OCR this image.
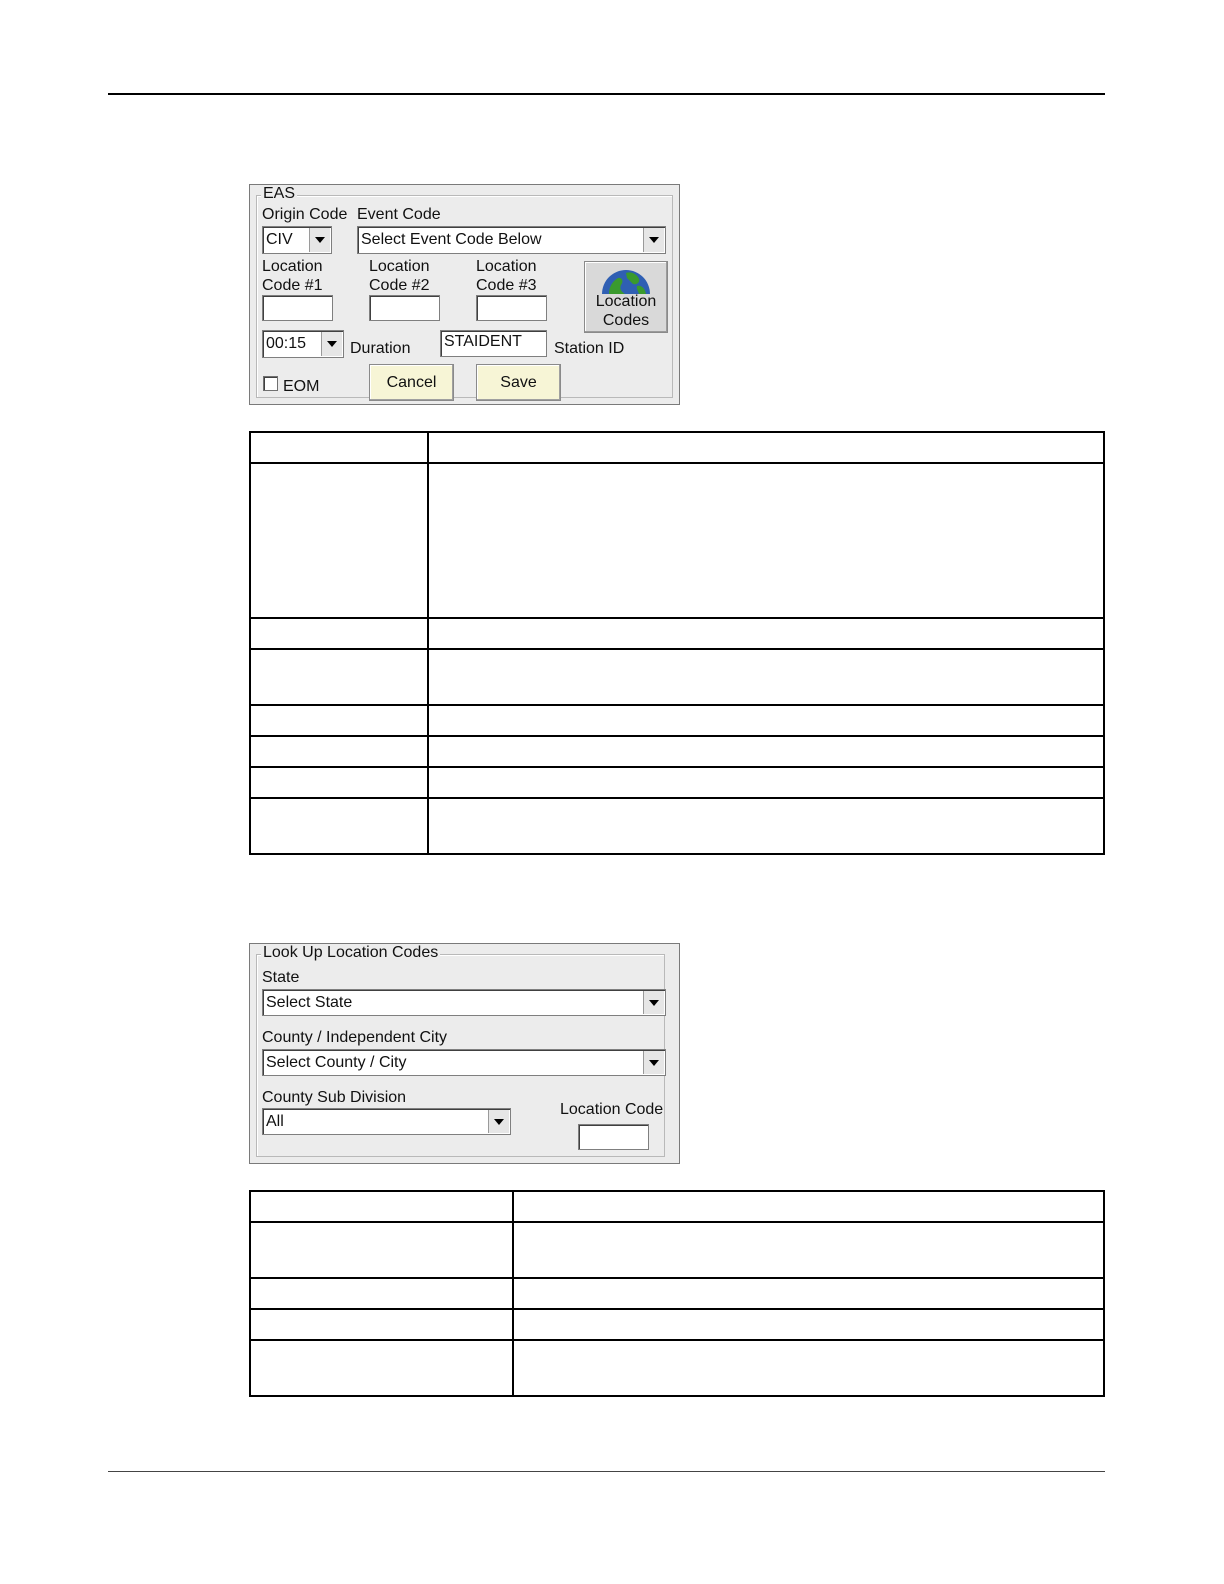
EAS
Origin Code
CIV
Event Code
Select Event Code Below
Location
Code #1
Location
Code #2
Location
Code #3
Location
Codes
00:15	Duration STAIDENT	Station ID
EOM	Cancel	Save

Look Up Location Codes
State
Select State
County / Independent City
Select County / City
County Sub Division
All
Location Code
